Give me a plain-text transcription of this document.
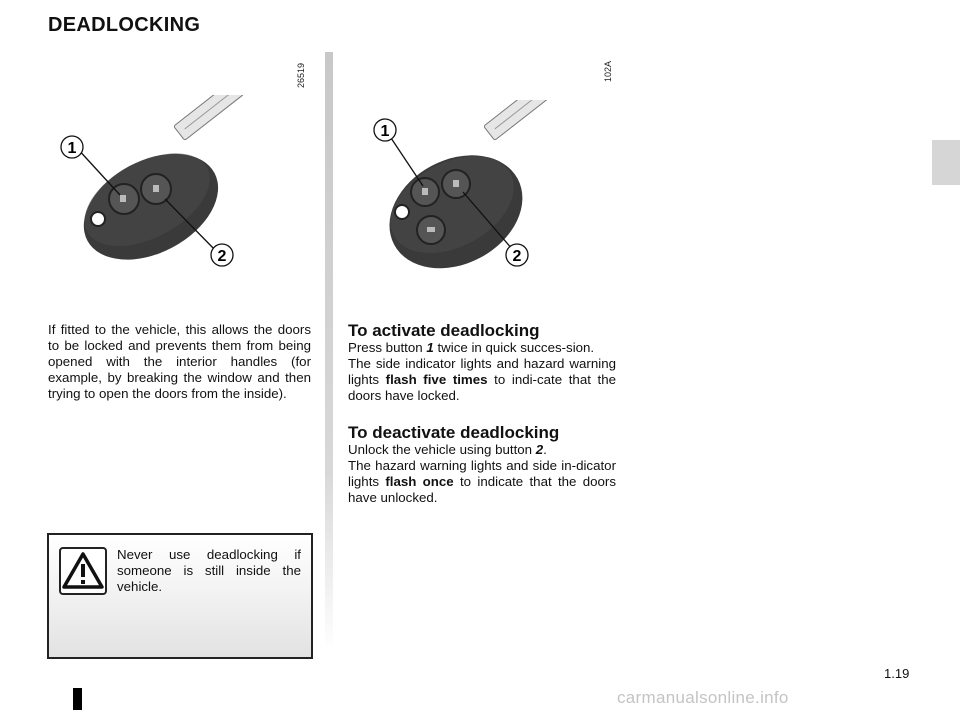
DEADLOCKING
26519
1
2
102A
1
2
If fitted to the vehicle, this allows the doors to be locked and prevents them from being opened with the interior handles (for example, by breaking the window and then trying to open the doors from the inside).
To activate deadlocking

Press button 1 twice in quick succes-sion.

The side indicator lights and hazard warning lights flash five times to indi-cate that the doors have locked.

To deactivate deadlocking

Unlock the vehicle using button 2.

The hazard warning lights and side in-dicator lights flash once to indicate that the doors have unlocked.

Never use deadlocking if someone is still inside the vehicle.
1.19
carmanualsonline.info
